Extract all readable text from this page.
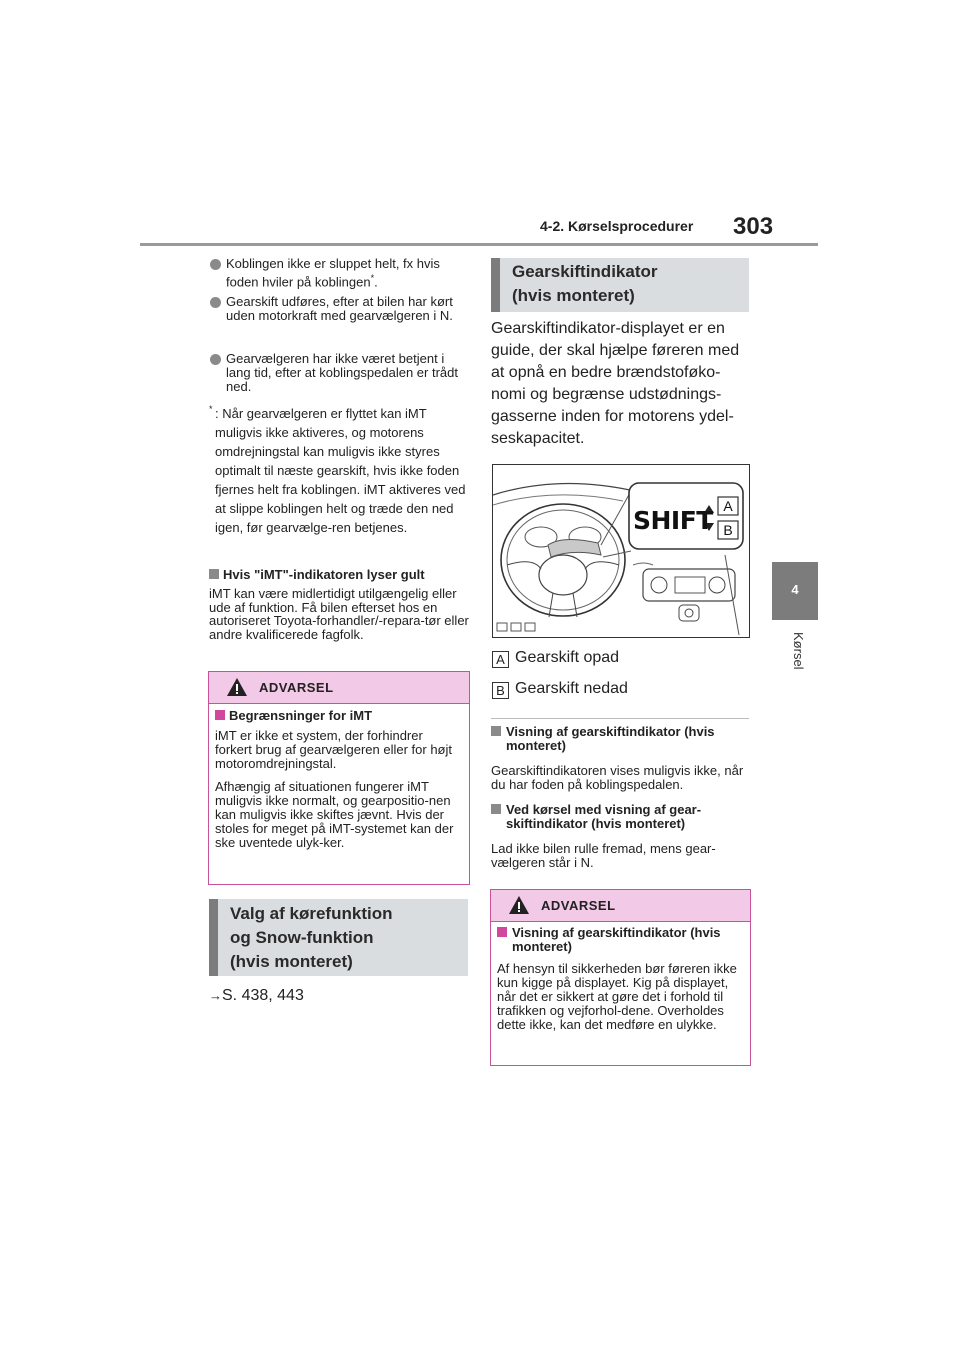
4-2. Kørselsprocedurer 303
4
Kørsel
Koblingen ikke er sluppet helt, fx hvis foden hviler på koblingen*.
Gearskift udføres, efter at bilen har kørt uden motorkraft med gearvælgeren i N.
Gearvælgeren har ikke været betjent i lang tid, efter at koblingspedalen er trådt ned.
* : Når gearvælgeren er flyttet kan iMT muligvis ikke aktiveres, og motorens omdrejningstal kan muligvis ikke styres optimalt til næste gearskift, hvis ikke foden fjernes helt fra koblingen. iMT aktiveres ved at slippe koblingen helt og træde den ned igen, før gearvælge-ren betjenes.
Hvis "iMT"-indikatoren lyser gult
iMT kan være midlertidigt utilgængelig eller ude af funktion. Få bilen efterset hos en autoriseret Toyota-forhandler/-repara-tør eller andre kvalificerede fagfolk.
ADVARSEL
Begrænsninger for iMT
iMT er ikke et system, der forhindrer forkert brug af gearvælgeren eller for højt motoromdrejningstal.
Afhængig af situationen fungerer iMT muligvis ikke normalt, og gearpositio-nen kan muligvis ikke skiftes jævnt. Hvis der stoles for meget på iMT-systemet kan der ske uventede ulyk-ker.
Valg af kørefunktion
og Snow-funktion
(hvis monteret)
→S. 438, 443
Gearskiftindikator
(hvis monteret)
Gearskiftindikator-displayet er en guide, der skal hjælpe føreren med at opnå en bedre brændstoføko-nomi og begrænse udstødnings-gasserne inden for motorens ydel-seskapacitet.
SHIFT A
B
A Gearskift opad
B Gearskift nedad
Visning af gearskiftindikator (hvis monteret)
Gearskiftindikatoren vises muligvis ikke, når du har foden på koblingspedalen.
Ved kørsel med visning af gear-skiftindikator (hvis monteret)
Lad ikke bilen rulle fremad, mens gear-vælgeren står i N.
ADVARSEL
Visning af gearskiftindikator (hvis monteret)
Af hensyn til sikkerheden bør føreren ikke kun kigge på displayet. Kig på displayet, når det er sikkert at gøre det i forhold til trafikken og vejforhol-dene. Overholdes dette ikke, kan det medføre en ulykke.
